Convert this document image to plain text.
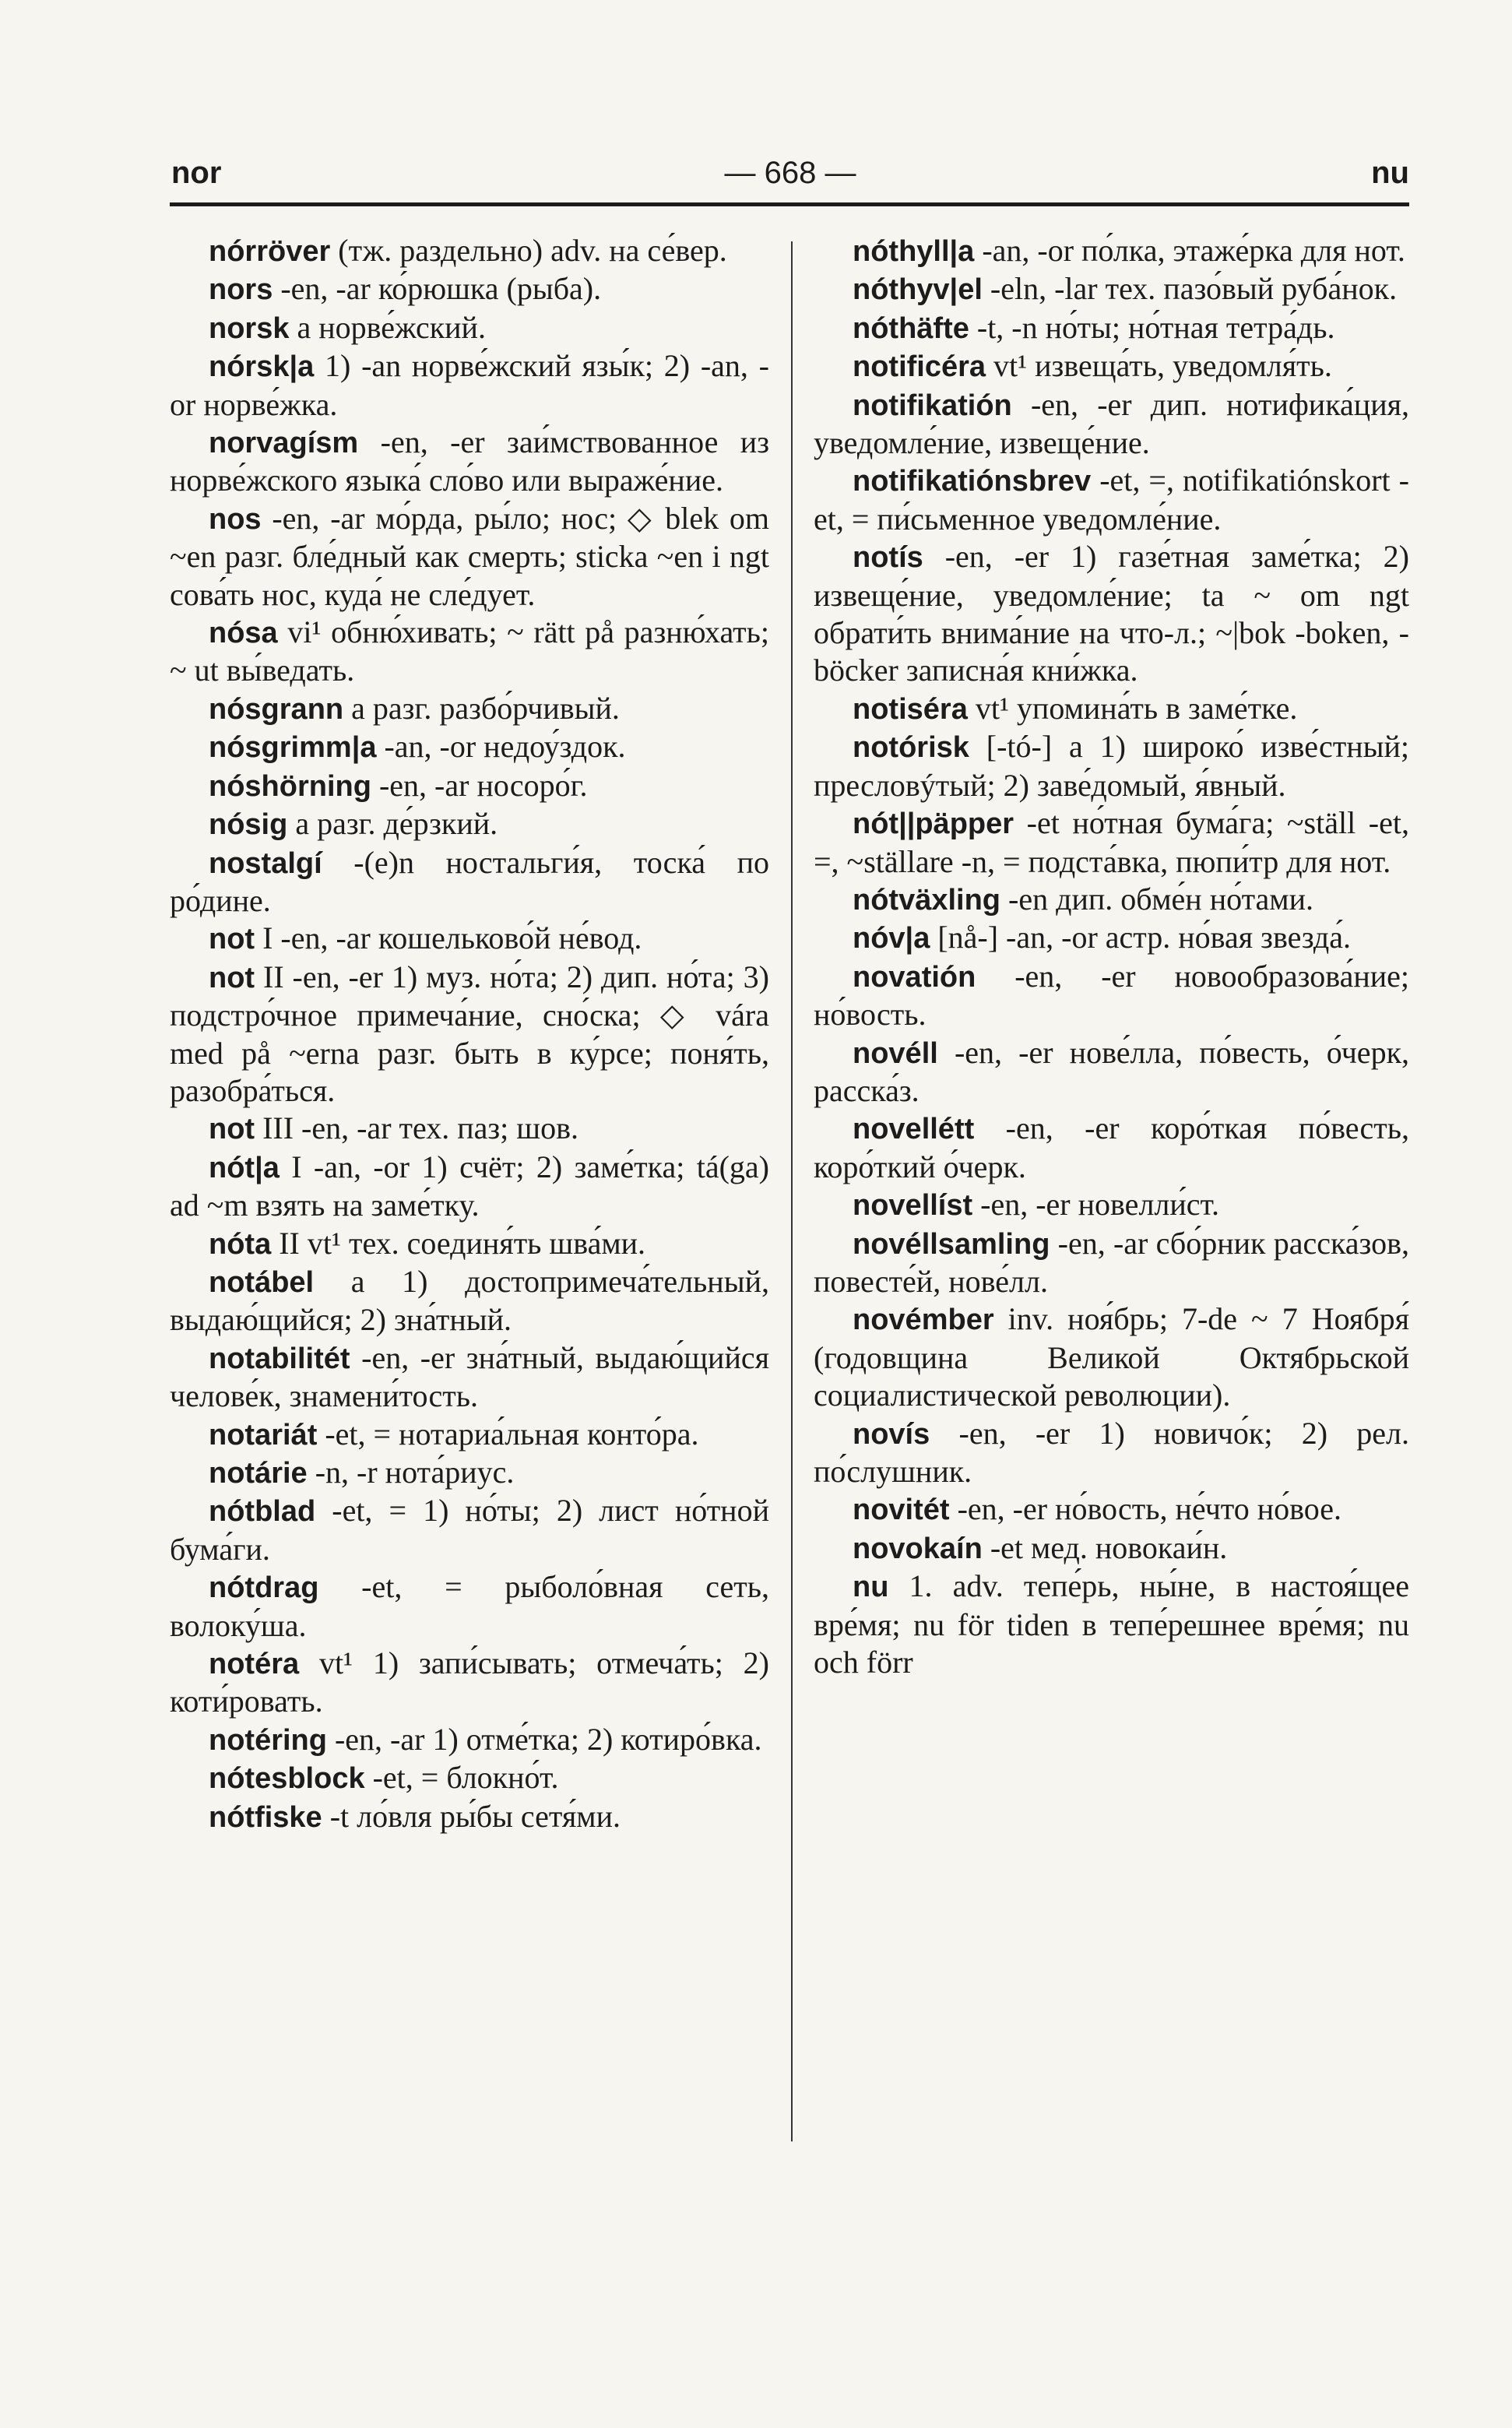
nor	— 668 —	nu

nórröver (тж. раздельно) adv. на се́вер.

nors -en, -ar ко́рюшка (рыба).

norsk a норве́жский.

nórsk|a 1) -an норве́жский язы́к; 2) -an, -or норве́жка.

norvagísm -en, -er заи́мствованное из норве́жского языка́ сло́во или выраже́ние.

nos -en, -ar мо́рда, ры́ло; нос; ◇ blek om ~en разг. бле́дный как смерть; sticka ~en i ngt сова́ть нос, куда́ не сле́дует.

nósa vi¹ обню́хивать; ~ rätt på разню́хать; ~ ut вы́ведать.

nósgrann a разг. разбо́рчивый.

nósgrimm|a -an, -or недоу́здок.

nóshörning -en, -ar носоро́г.

nósig a разг. де́рзкий.

nostalgí -(e)n ностальги́я, тоска́ по ро́дине.

not I -en, -ar кошельково́й не́вод.

not II -en, -er 1) муз. но́та; 2) дип. но́та; 3) подстро́чное примеча́ние, сно́ска; ◇ vára med på ~erna разг. быть в ку́рсе; поня́ть, разобра́ться.

not III -en, -ar тех. паз; шов.

nót|a I -an, -or 1) счёт; 2) заме́тка; tá(ga) ad ~m взять на заме́тку.

nóta II vt¹ тех. соединя́ть шва́ми.

notábel a 1) достопримеча́тельный, выдаю́щийся; 2) зна́тный.

notabilitét -en, -er зна́тный, выдаю́щийся челове́к, знамени́тость.

notariát -et, = нотариа́льная конто́ра.

notárie -n, -r нота́риус.

nótblad -et, = 1) но́ты; 2) лист но́тной бума́ги.

nótdrag -et, = рыболо́вная сеть, волоку́ша.

notéra vt¹ 1) запи́сывать; отмеча́ть; 2) коти́ровать.

notéring -en, -ar 1) отме́тка; 2) котиро́вка.

nótesblock -et, = блокно́т.

nótfiske -t ло́вля ры́бы сетя́ми.

nóthyll|a -an, -or по́лка, этаже́рка для нот.

nóthyv|el -eln, -lar тех. пазо́вый руба́нок.

nóthäfte -t, -n но́ты; но́тная тетра́дь.

notificéra vt¹ извеща́ть, уведомля́ть.

notifikatión -en, -er дип. нотифика́ция, уведомле́ние, извеще́ние.

notifikatiónsbrev -et, =, notifikatiónskort -et, = пи́сьменное уведомле́ние.

notís -en, -er 1) газе́тная заме́тка; 2) извеще́ние, уведомле́ние; ta ~ om ngt обрати́ть внима́ние на что-л.; ~|bok -boken, -böcker записна́я кни́жка.

notiséra vt¹ упомина́ть в заме́тке.

notórisk [-tó-] a 1) широко́ изве́стный; пресловýтый; 2) заве́домый, я́вный.

nót||päpper -et но́тная бума́га; ~ställ -et, =, ~ställare -n, = подста́вка, пюпи́тр для нот.

nótväxling -en дип. обме́н но́тами.

nóv|a [nå-] -an, -or астр. но́вая звезда́.

novatión -en, -er новообразова́ние; но́вость.

novéll -en, -er нове́лла, по́весть, о́черк, расска́з.

novellétt -en, -er коро́ткая по́весть, коро́ткий о́черк.

novellíst -en, -er новелли́ст.

novéllsamling -en, -ar сбо́рник расска́зов, повесте́й, нове́лл.

novémber inv. ноя́брь; 7-de ~ 7 Ноября́ (годовщина Великой Октябрьской социалистической революции).

novís -en, -er 1) новичо́к; 2) рел. по́слушник.

novitét -en, -er но́вость, не́что но́вое.

novokaín -et мед. новокаи́н.

nu 1. adv. тепе́рь, ны́не, в настоя́щее вре́мя; nu för tiden в тепе́решнее вре́мя; nu och förr
